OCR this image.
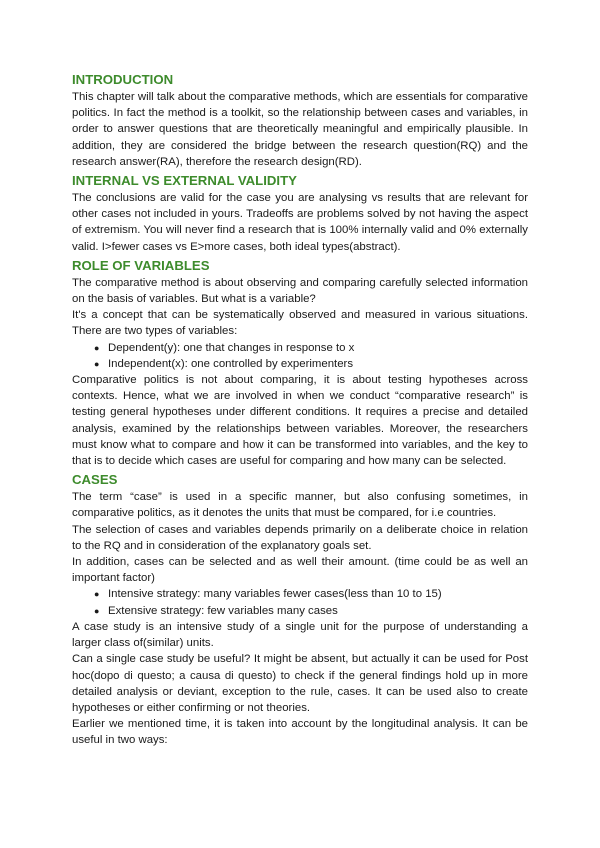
INTRODUCTION

This chapter will talk about the comparative methods, which are essentials for comparative politics. In fact the method is a toolkit, so the relationship between cases and variables, in order to answer questions that are theoretically meaningful and empirically plausible. In addition, they are considered the bridge between the research question(RQ) and the research answer(RA), therefore the research design(RD).

INTERNAL VS EXTERNAL VALIDITY

The conclusions are valid for the case you are analysing vs results that are relevant for other cases not included in yours. Tradeoffs are problems solved by not having the aspect of extremism. You will never find a research that is 100% internally valid and 0% externally valid. I>fewer cases vs E>more cases, both ideal types(abstract).

ROLE OF VARIABLES

The comparative method is about observing and comparing carefully selected information on the basis of variables. But what is a variable?

It's a concept that can be systematically observed and measured in various situations. There are two types of variables:

● Dependent(y): one that changes in response to x
● Independent(x): one controlled by experimenters

Comparative politics is not about comparing, it is about testing hypotheses across contexts. Hence, what we are involved in when we conduct “comparative research” is testing general hypotheses under different conditions. It requires a precise and detailed analysis, examined by the relationships between variables. Moreover, the researchers must know what to compare and how it can be transformed into variables, and the key to that is to decide which cases are useful for comparing and how many can be selected.

CASES

The term “case” is used in a specific manner, but also confusing sometimes, in comparative politics, as it denotes the units that must be compared, for i.e countries.

The selection of cases and variables depends primarily on a deliberate choice in relation to the RQ and in consideration of the explanatory goals set.

In addition, cases can be selected and as well their amount. (time could be as well an important factor)

● Intensive strategy: many variables fewer cases(less than 10 to 15)
● Extensive strategy: few variables many cases

A case study is an intensive study of a single unit for the purpose of understanding a larger class of(similar) units.

Can a single case study be useful? It might be absent, but actually it can be used for Post hoc(dopo di questo; a causa di questo) to check if the general findings hold up in more detailed analysis or deviant, exception to the rule, cases. It can be used also to create hypotheses or either confirming or not theories.

Earlier we mentioned time, it is taken into account by the longitudinal analysis. It can be useful in two ways:
